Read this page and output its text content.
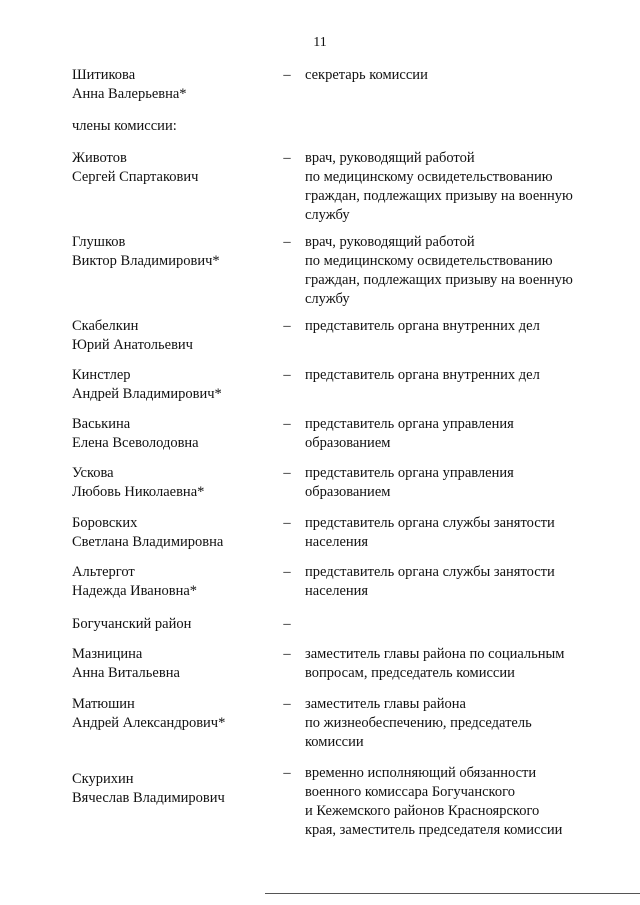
11
Шитикова
Анна Валерьевна*
– секретарь комиссии
члены комиссии:
Животов
Сергей Спартакович
– врач, руководящий работой
по медицинскому освидетельствованию
граждан, подлежащих призыву на военную
службу
Глушков
Виктор Владимирович*
– врач, руководящий работой
по медицинскому освидетельствованию
граждан, подлежащих призыву на военную
службу
Скабелкин
Юрий Анатольевич
– представитель органа внутренних дел
Кинстлер
Андрей Владимирович*
– представитель органа внутренних дел
Васькина
Елена Всеволодовна
– представитель органа управления
образованием
Ускова
Любовь Николаевна*
– представитель органа управления
образованием
Боровских
Светлана Владимировна
– представитель органа службы занятости
населения
Альтергот
Надежда Ивановна*
– представитель органа службы занятости
населения
Богучанский район	–
Мазницина
Анна Витальевна
– заместитель главы района по социальным
вопросам, председатель комиссии
Матюшин
Андрей Александрович*
– заместитель главы района
по жизнеобеспечению, председатель
комиссии
Скурихин
Вячеслав Владимирович
– временно исполняющий обязанности
военного комиссара Богучанского
и Кежемского районов Красноярского
края, заместитель председателя комиссии
